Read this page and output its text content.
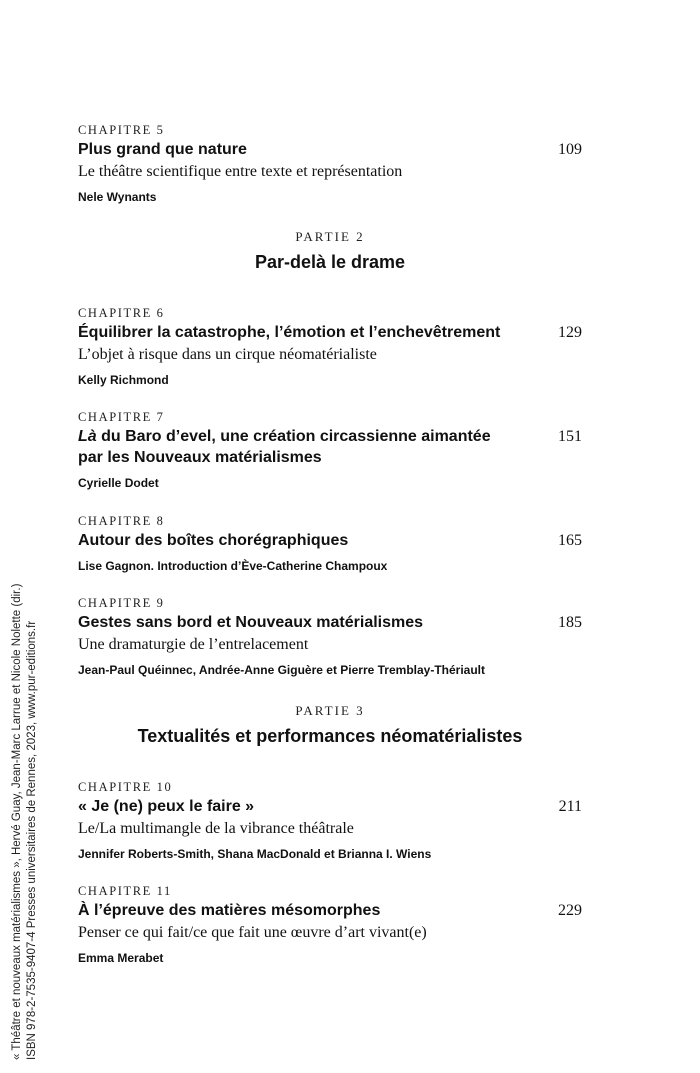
« Théâtre et nouveaux matérialismes », Hervé Guay, Jean-Marc Larrue et Nicole Nolette (dir.) ISBN 978-2-7535-9407-4 Presses universitaires de Rennes, 2023, www.pur-editions.fr
CHAPITRE 5
Plus grand que nature	109
Le théâtre scientifique entre texte et représentation
Nele Wynants
PARTIE 2
Par-delà le drame
CHAPITRE 6
Équilibrer la catastrophe, l’émotion et l’enchevêtrement	129
L’objet à risque dans un cirque néomatérialiste
Kelly Richmond
CHAPITRE 7
Là du Baro d’evel, une création circassienne aimantée
par les Nouveaux matérialismes
151
Cyrielle Dodet
CHAPITRE 8
Autour des boîtes chorégraphiques	165
Lise Gagnon. Introduction d’Ève-Catherine Champoux
CHAPITRE 9
Gestes sans bord et Nouveaux matérialismes	185
Une dramaturgie de l’entrelacement
Jean-Paul Quéinnec, Andrée-Anne Giguère et Pierre Tremblay-Thériault
PARTIE 3
Textualités et performances néomatérialistes
CHAPITRE 10
« Je (ne) peux le faire »	211
Le/La multimangle de la vibrance théâtrale
Jennifer Roberts-Smith, Shana MacDonald et Brianna I. Wiens
CHAPITRE 11
À l’épreuve des matières mésomorphes	229
Penser ce qui fait/ce que fait une œuvre d’art vivant(e)
Emma Merabet
